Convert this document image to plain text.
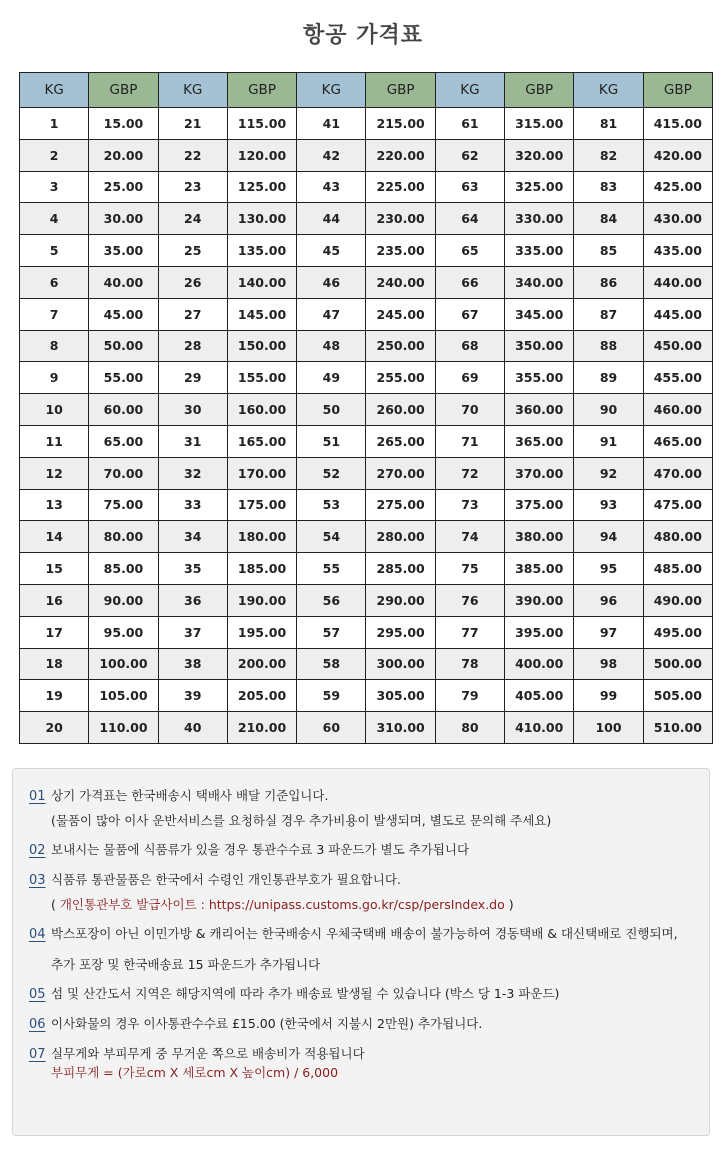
항공 가격표
KG	GBP	KG	GBP	KG	GBP	KG	GBP	KG	GBP
1	15.00	21	115.00	41	215.00	61	315.00	81	415.00
2	20.00	22	120.00	42	220.00	62	320.00	82	420.00
3	25.00	23	125.00	43	225.00	63	325.00	83	425.00
4	30.00	24	130.00	44	230.00	64	330.00	84	430.00
5	35.00	25	135.00	45	235.00	65	335.00	85	435.00
6	40.00	26	140.00	46	240.00	66	340.00	86	440.00
7	45.00	27	145.00	47	245.00	67	345.00	87	445.00
8	50.00	28	150.00	48	250.00	68	350.00	88	450.00
9	55.00	29	155.00	49	255.00	69	355.00	89	455.00
10	60.00	30	160.00	50	260.00	70	360.00	90	460.00
11	65.00	31	165.00	51	265.00	71	365.00	91	465.00
12	70.00	32	170.00	52	270.00	72	370.00	92	470.00
13	75.00	33	175.00	53	275.00	73	375.00	93	475.00
14	80.00	34	180.00	54	280.00	74	380.00	94	480.00
15	85.00	35	185.00	55	285.00	75	385.00	95	485.00
16	90.00	36	190.00	56	290.00	76	390.00	96	490.00
17	95.00	37	195.00	57	295.00	77	395.00	97	495.00
18	100.00	38	200.00	58	300.00	78	400.00	98	500.00
19	105.00	39	205.00	59	305.00	79	405.00	99	505.00
20	110.00	40	210.00	60	310.00	80	410.00	100	510.00
01 상기 가격표는 한국배송시 택배사 배달 기준입니다.
(물품이 많아 이사 운반서비스를 요청하실 경우 추가비용이 발생되며, 별도로 문의해 주세요)
02 보내시는 물품에 식품류가 있을 경우 통관수수료 3 파운드가 별도 추가됩니다
03 식품류 통관물품은 한국에서 수령인 개인통관부호가 필요합니다.
( 개인통관부호 발급사이트 : https://unipass.customs.go.kr/csp/persIndex.do )
04 박스포장이 아닌 이민가방 & 캐리어는 한국배송시 우체국택배 배송이 불가능하여 경동택배 & 대신택배로 진행되며,
추가 포장 및 한국배송료 15 파운드가 추가됩니다
05 섬 및 산간도서 지역은 해당지역에 따라 추가 배송료 발생될 수 있습니다 (박스 당 1-3 파운드)
06 이사화물의 경우 이사통관수수료 £15.00 (한국에서 지불시 2만원) 추가됩니다.
07 실무게와 부피무게 중 무거운 쪽으로 배송비가 적용됩니다
부피무게 = (가로cm X 세로cm X 높이cm) / 6,000
